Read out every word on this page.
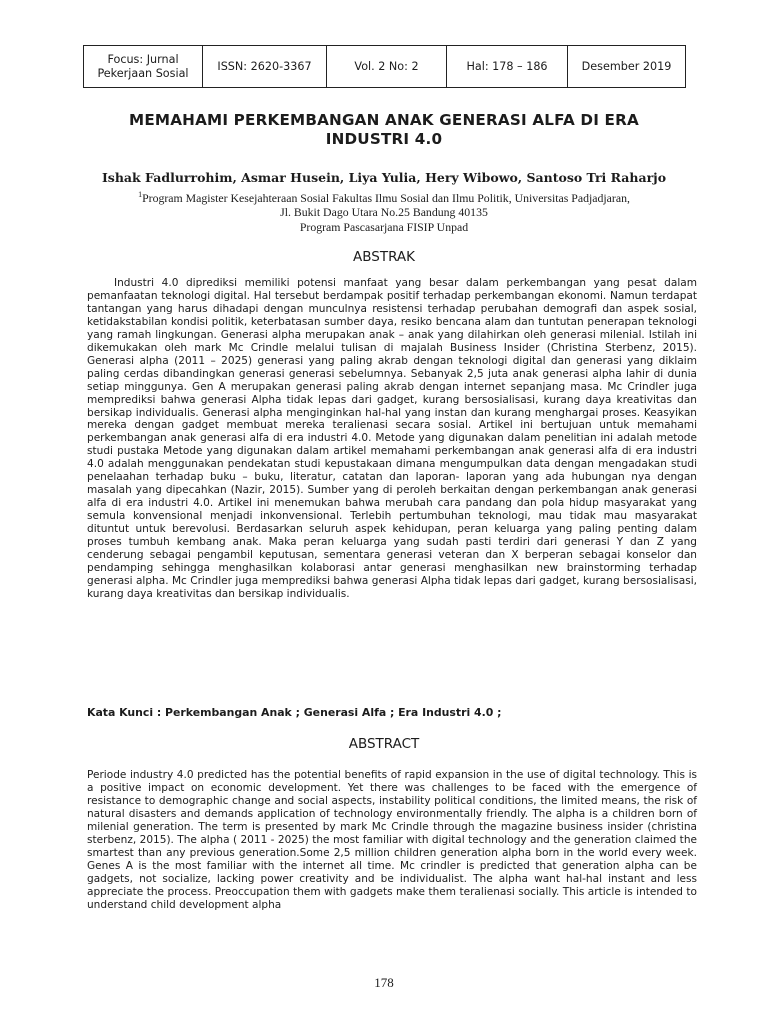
Focus: Jurnal Pekerjaan Sosial	ISSN: 2620-3367	Vol. 2 No: 2	Hal: 178 – 186	Desember 2019
MEMAHAMI PERKEMBANGAN ANAK GENERASI ALFA DI ERA INDUSTRI 4.0
Ishak Fadlurrohim, Asmar Husein, Liya Yulia, Hery Wibowo, Santoso Tri Raharjo
$^1$Program Magister Kesejahteraan Sosial Fakultas Ilmu Sosial dan Ilmu Politik, Universitas Padjadjaran,
Jl. Bukit Dago Utara No.25 Bandung 40135
Program Pascasarjana FISIP Unpad
ABSTRAK
Industri 4.0 diprediksi memiliki potensi manfaat yang besar dalam perkembangan yang pesat dalam pemanfaatan teknologi digital. Hal tersebut berdampak positif terhadap perkembangan ekonomi. Namun terdapat tantangan yang harus dihadapi dengan munculnya resistensi terhadap perubahan demografi dan aspek sosial, ketidakstabilan kondisi politik, keterbatasan sumber daya, resiko bencana alam dan tuntutan penerapan teknologi yang ramah lingkungan. Generasi alpha merupakan anak – anak yang dilahirkan oleh generasi milenial. Istilah ini dikemukakan oleh mark Mc Crindle melalui tulisan di majalah Business Insider (Christina Sterbenz, 2015). Generasi alpha (2011 – 2025) generasi yang paling akrab dengan teknologi digital dan generasi yang diklaim paling cerdas dibandingkan generasi generasi sebelumnya. Sebanyak 2,5 juta anak generasi alpha lahir di dunia setiap minggunya. Gen A merupakan generasi paling akrab dengan internet sepanjang masa. Mc Crindler juga memprediksi bahwa generasi Alpha tidak lepas dari gadget, kurang bersosialisasi, kurang daya kreativitas dan bersikap individualis. Generasi alpha menginginkan hal-hal yang instan dan kurang menghargai proses. Keasyikan mereka dengan gadget membuat mereka teralienasi secara sosial. Artikel ini bertujuan untuk memahami perkembangan anak generasi alfa di era industri 4.0. Metode yang digunakan dalam penelitian ini adalah metode studi pustaka Metode yang digunakan dalam artikel memahami perkembangan anak generasi alfa di era industri 4.0 adalah menggunakan pendekatan studi kepustakaan dimana mengumpulkan data dengan mengadakan studi penelaahan terhadap buku – buku, literatur, catatan dan laporan- laporan yang ada hubungan nya dengan masalah yang dipecahkan (Nazir, 2015). Sumber yang di peroleh berkaitan dengan perkembangan anak generasi alfa di era industri 4.0. Artikel ini menemukan bahwa merubah cara pandang dan pola hidup masyarakat yang semula konvensional menjadi inkonvensional. Terlebih pertumbuhan teknologi, mau tidak mau masyarakat dituntut untuk berevolusi. Berdasarkan seluruh aspek kehidupan, peran keluarga yang paling penting dalam proses tumbuh kembang anak. Maka peran keluarga yang sudah pasti terdiri dari generasi Y dan Z yang cenderung sebagai pengambil keputusan, sementara generasi veteran dan X berperan sebagai konselor dan pendamping sehingga menghasilkan kolaborasi antar generasi menghasilkan new brainstorming terhadap generasi alpha. Mc Crindler juga memprediksi bahwa generasi Alpha tidak lepas dari gadget, kurang bersosialisasi, kurang daya kreativitas dan bersikap individualis.
Kata Kunci : Perkembangan Anak ; Generasi Alfa ; Era Industri 4.0 ;
ABSTRACT
Periode industry 4.0 predicted has the potential benefits of rapid expansion in the use of digital technology. This is a positive impact on economic development. Yet there was challenges to be faced with the emergence of resistance to demographic change and social aspects, instability political conditions, the limited means, the risk of natural disasters and demands application of technology environmentally friendly. The alpha is a children born of milenial generation. The term is presented by mark Mc Crindle through the magazine business insider (christina sterbenz, 2015). The alpha ( 2011 - 2025) the most familiar with digital technology and the generation claimed the smartest than any previous generation.Some 2,5 million children generation alpha born in the world every week. Genes A is the most familiar with the internet all time. Mc crindler is predicted that generation alpha can be gadgets, not socialize, lacking power creativity and be individualist. The alpha want hal-hal instant and less appreciate the process. Preoccupation them with gadgets make them teralienasi socially. This article is intended to understand child development alpha
178
